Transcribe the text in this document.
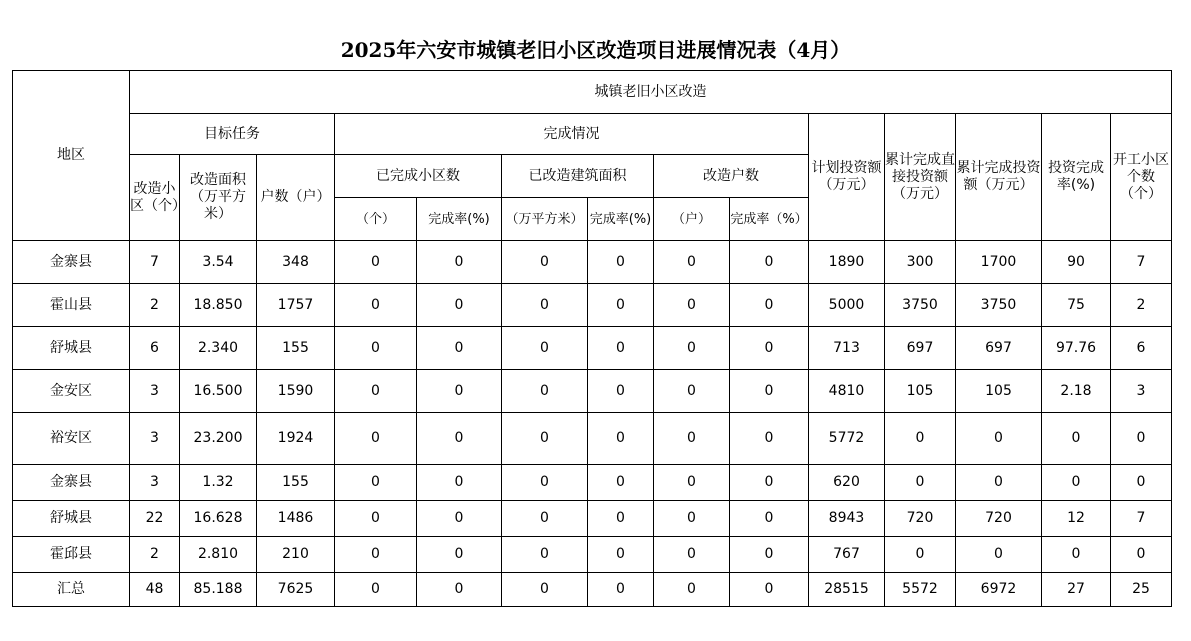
2025年六安市城镇老旧小区改造项目进展情况表（4月）
地区	城镇老旧小区改造													
	目标任务			完成情况						计划投资额（万元）	累计完成直接投资额（万元）	累计完成投资额（万元）	投资完成率(%)	开工小区个数（个）
	改造小区（个）	改造面积（万平方米）	户数（户）	已完成小区数		已改造建筑面积		改造户数						
				（个）	完成率(%)	（万平方米）	完成率(%)	（户）	完成率（%）					
金寨县	7	3.54	348	0	0	0	0	0	0	1890	300	1700	90	7
霍山县	2	18.850	1757	0	0	0	0	0	0	5000	3750	3750	75	2
舒城县	6	2.340	155	0	0	0	0	0	0	713	697	697	97.76	6
金安区	3	16.500	1590	0	0	0	0	0	0	4810	105	105	2.18	3
裕安区	3	23.200	1924	0	0	0	0	0	0	5772	0	0	0	0
金寨县	3	1.32	155	0	0	0	0	0	0	620	0	0	0	0
舒城县	22	16.628	1486	0	0	0	0	0	0	8943	720	720	12	7
霍邱县	2	2.810	210	0	0	0	0	0	0	767	0	0	0	0
汇总	48	85.188	7625	0	0	0	0	0	0	28515	5572	6972	27	25
